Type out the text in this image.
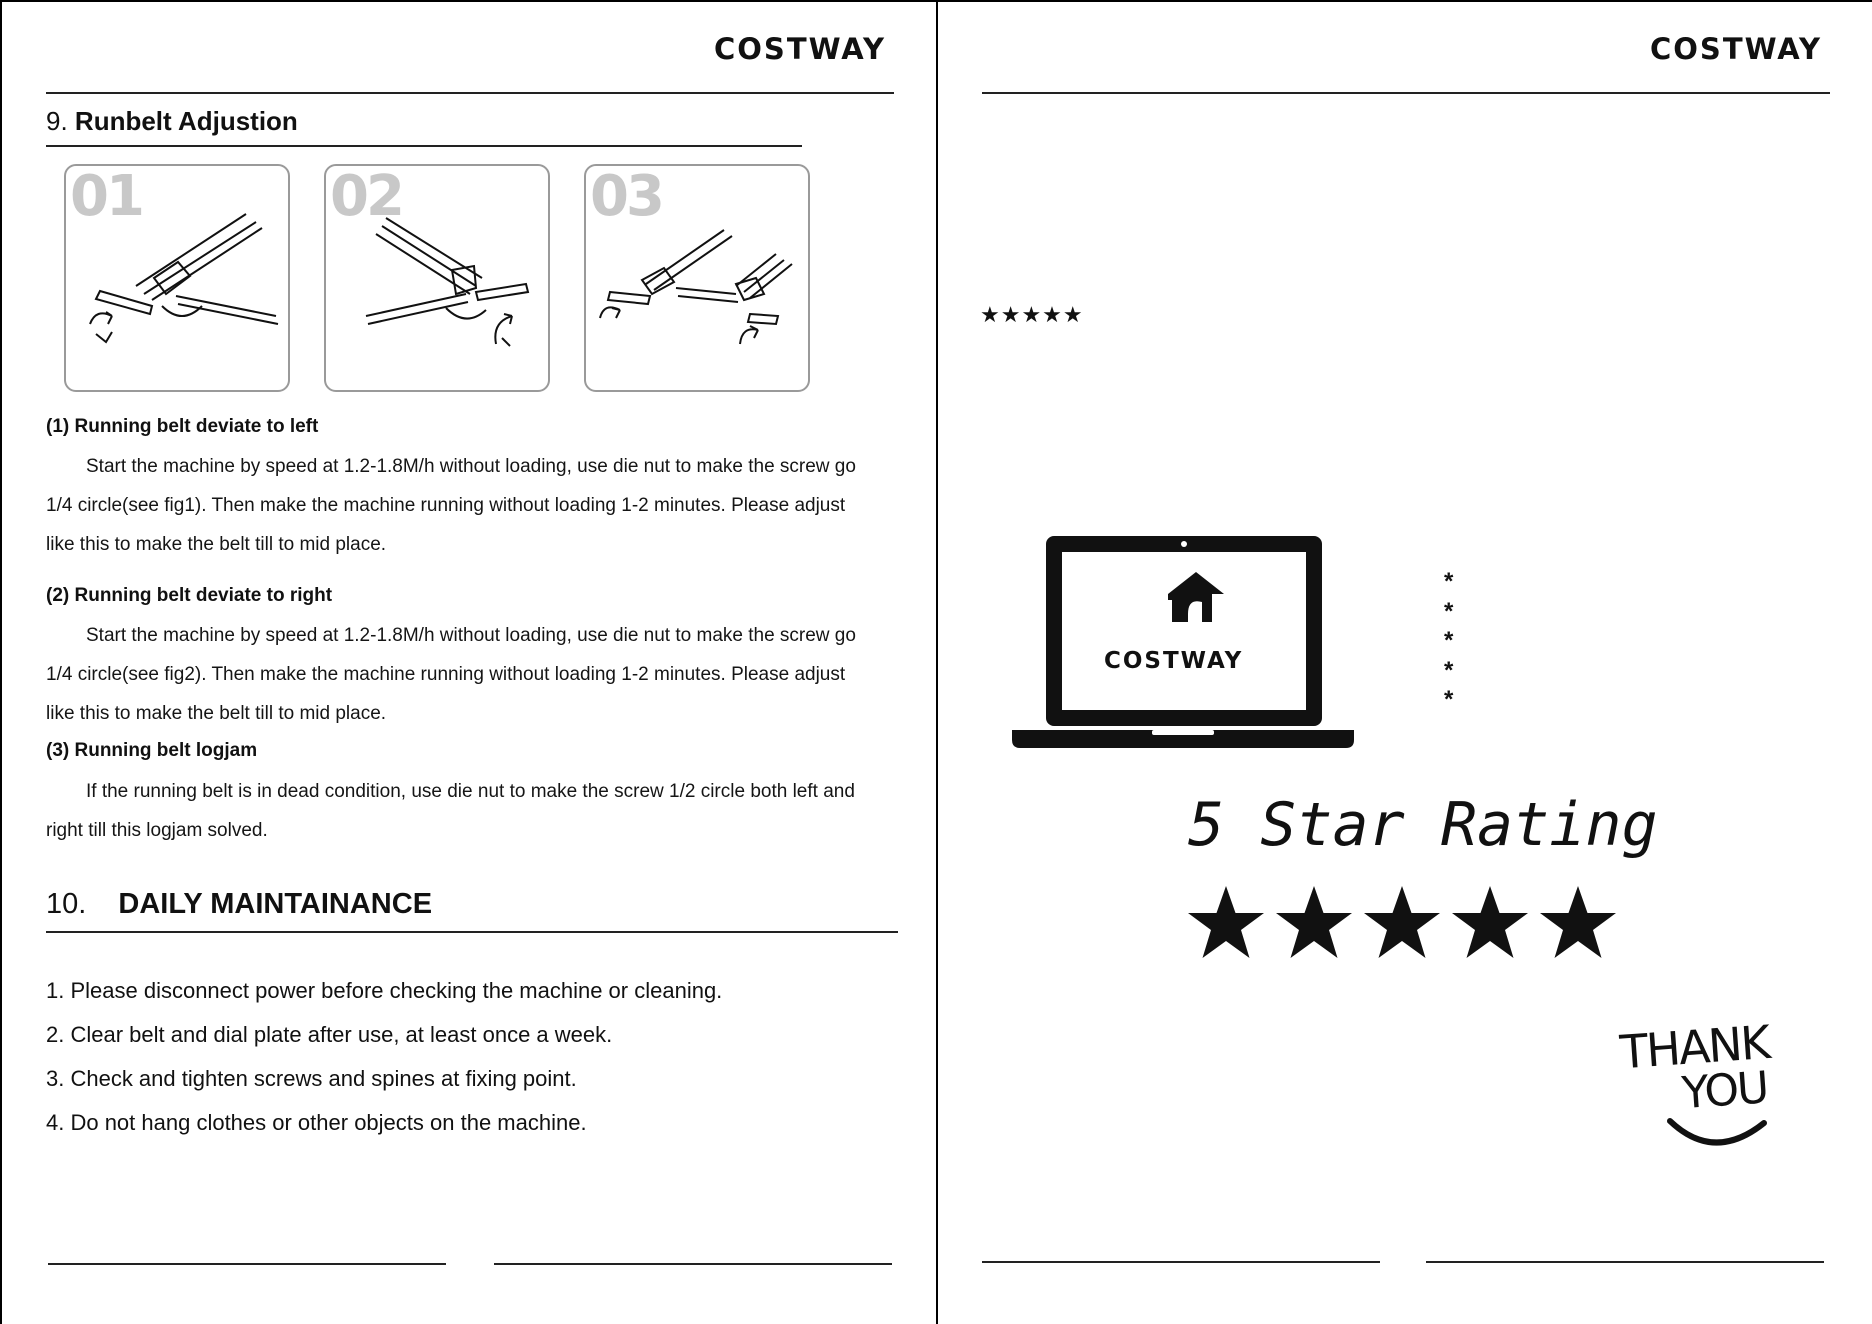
COSTWAY
9. Runbelt Adjustion
01	02	03
(1) Running belt deviate to left
Start the machine by speed at 1.2-1.8M/h without loading, use die nut to make the screw go
1/4 circle(see fig1). Then make the machine running without loading 1-2 minutes. Please adjust
like this to make the belt till to mid place.
(2) Running belt deviate to right
Start the machine by speed at 1.2-1.8M/h without loading, use die nut to make the screw go
1/4 circle(see fig2). Then make the machine running without loading 1-2 minutes. Please adjust
like this to make the belt till to mid place.
(3) Running belt logjam
If the running belt is in dead condition, use die nut to make the screw 1/2 circle both left and
right till this logjam solved.
10. DAILY MAINTAINANCE
1. Please disconnect power before checking the machine or cleaning.
2. Clear belt and dial plate after use, at least once a week.
3. Check and tighten screws and spines at fixing point.
4. Do not hang clothes or other objects on the machine.
COSTWAY
★★★★★
COSTWAY
*
*
*
*
*
5 Star Rating
THANK
YOU
